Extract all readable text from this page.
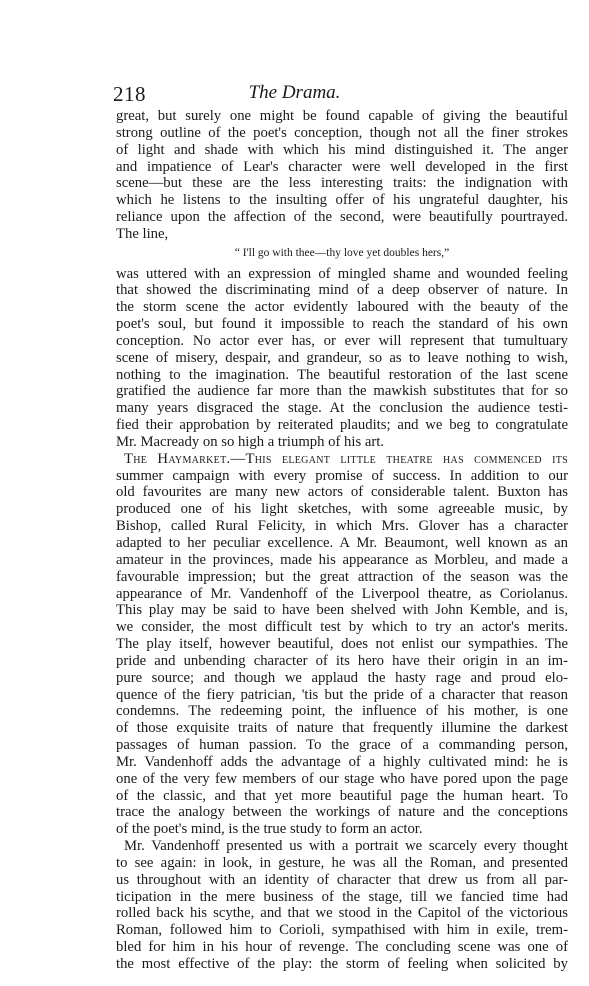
218	The Drama.
great, but surely one might be found capable of giving the beautiful
strong outline of the poet's conception, though not all the finer strokes
of light and shade with which his mind distinguished it. The anger
and impatience of Lear's character were well developed in the first
scene—but these are the less interesting traits: the indignation with
which he listens to the insulting offer of his ungrateful daughter, his
reliance upon the affection of the second, were beautifully pourtrayed.
The line,
“ I'll go with thee—thy love yet doubles hers,”
was uttered with an expression of mingled shame and wounded feeling
that showed the discriminating mind of a deep observer of nature. In
the storm scene the actor evidently laboured with the beauty of the
poet's soul, but found it impossible to reach the standard of his own
conception. No actor ever has, or ever will represent that tumultuary
scene of misery, despair, and grandeur, so as to leave nothing to wish,
nothing to the imagination. The beautiful restoration of the last scene
gratified the audience far more than the mawkish substitutes that for so
many years disgraced the stage. At the conclusion the audience testi-
fied their approbation by reiterated plaudits; and we beg to congratulate
Mr. Macready on so high a triumph of his art.
The Haymarket.—This elegant little theatre has commenced its
summer campaign with every promise of success. In addition to our
old favourites are many new actors of considerable talent. Buxton has
produced one of his light sketches, with some agreeable music, by
Bishop, called Rural Felicity, in which Mrs. Glover has a character
adapted to her peculiar excellence. A Mr. Beaumont, well known as an
amateur in the provinces, made his appearance as Morbleu, and made a
favourable impression; but the great attraction of the season was the
appearance of Mr. Vandenhoff of the Liverpool theatre, as Coriolanus.
This play may be said to have been shelved with John Kemble, and is,
we consider, the most difficult test by which to try an actor's merits.
The play itself, however beautiful, does not enlist our sympathies. The
pride and unbending character of its hero have their origin in an im-
pure source; and though we applaud the hasty rage and proud elo-
quence of the fiery patrician, 'tis but the pride of a character that reason
condemns. The redeeming point, the influence of his mother, is one
of those exquisite traits of nature that frequently illumine the darkest
passages of human passion. To the grace of a commanding person,
Mr. Vandenhoff adds the advantage of a highly cultivated mind: he is
one of the very few members of our stage who have pored upon the page
of the classic, and that yet more beautiful page the human heart. To
trace the analogy between the workings of nature and the conceptions
of the poet's mind, is the true study to form an actor.
Mr. Vandenhoff presented us with a portrait we scarcely every thought
to see again: in look, in gesture, he was all the Roman, and presented
us throughout with an identity of character that drew us from all par-
ticipation in the mere business of the stage, till we fancied time had
rolled back his scythe, and that we stood in the Capitol of the victorious
Roman, followed him to Corioli, sympathised with him in exile, trem-
bled for him in his hour of revenge. The concluding scene was one of
the most effective of the play: the storm of feeling when solicited by
